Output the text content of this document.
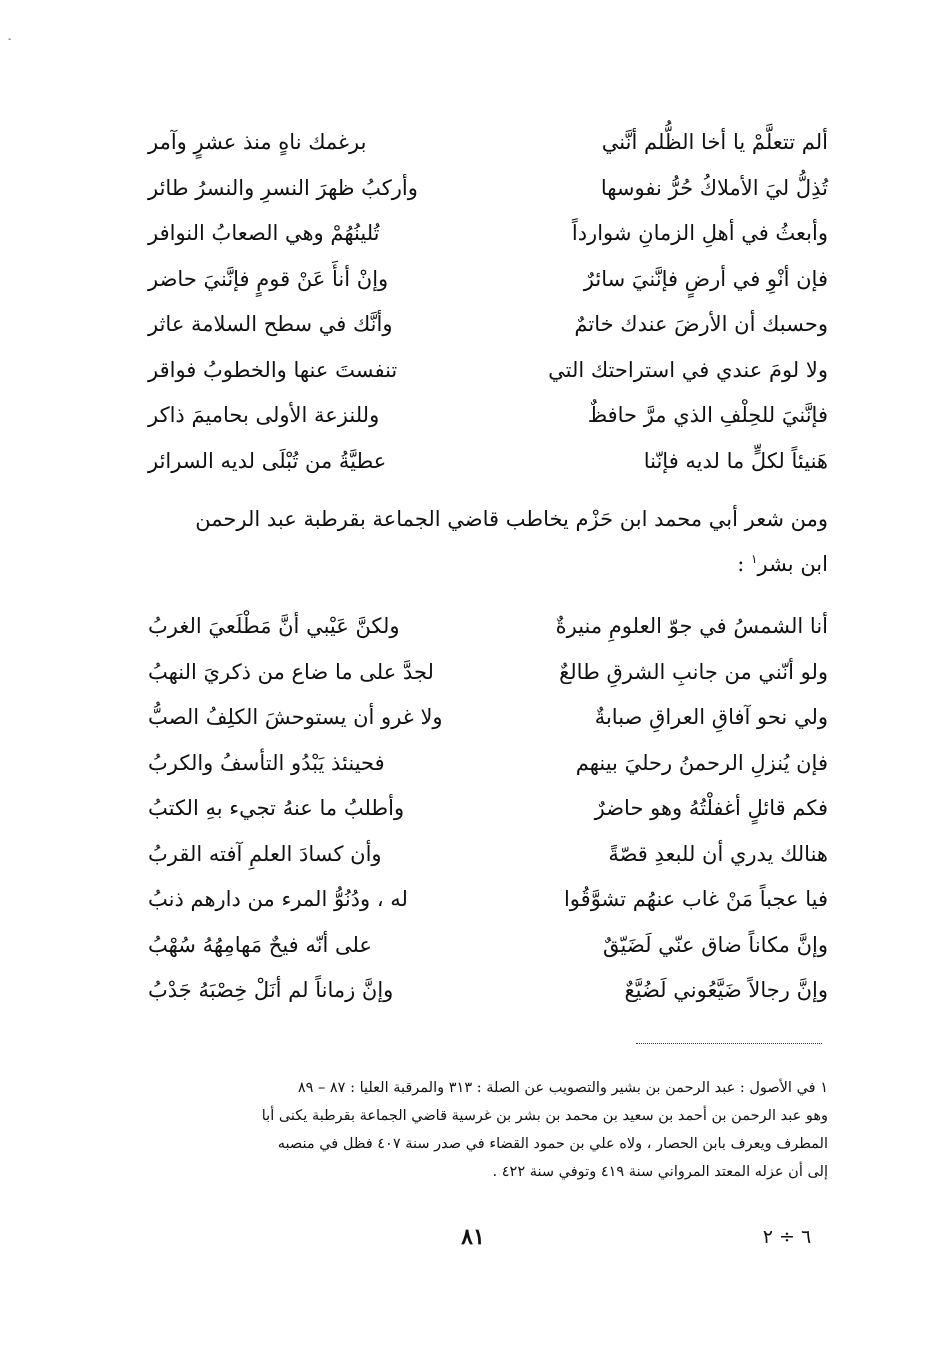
-
ألم تتعلَّمْ يا أخا الظُّلم أنَّني
برغمك ناهٍ منذ عشرٍ وآمر
تُذِلُّ ليَ الأملاكُ حُرُّ نفوسها
وأركبُ ظهرَ النسرِ والنسرُ طائر
وأبعثُ في أهلِ الزمانِ شوارداً
تُلينُهُمْ وهي الصعابُ النوافر
فإن أنْوِ في أرضٍ فإنَّنيَ سائرٌ
وإنْ أنأَ عَنْ قومٍ فإنَّنيَ حاضر
وحسبك أن الأرضَ عندك خاتمٌ
وأنَّك في سطح السلامة عاثر
ولا لومَ عندي في استراحتك التي
تنفستَ عنها والخطوبُ فواقر
فإنَّنيَ للحِلْفِ الذي مرَّ حافظٌ
وللنزعة الأولى بحاميمَ ذاكر
هَنيئاً لكلٍّ ما لديه فإنّنا
عطيَّةُ من تُبْلَى لديه السرائر
ومن شعر أبي محمد ابن حَزْم يخاطب قاضي الجماعة بقرطبة عبد الرحمن
ابن بشر$^١$ :
أنا الشمسُ في جوّ العلومِ منيرةٌ
ولكنَّ عَيْبي أنَّ مَطْلَعيَ الغربُ
ولو أنّني من جانبِ الشرقِ طالعٌ
لجدَّ على ما ضاع من ذكريَ النهبُ
ولي نحو آفاقِ العراقِ صبابةٌ
ولا غرو أن يستوحشَ الكلِفُ الصبُّ
فإن يُنزلِ الرحمنُ رحليَ بينهم
فحينئذ يَبْدُو التأسفُ والكربُ
فكم قائلٍ أغفلْتُهُ وهو حاضرٌ
وأطلبُ ما عنهُ تجيء بهِ الكتبُ
هنالك يدري أن للبعدِ قصّةً
وأن كسادَ العلمِ آفته القربُ
فيا عجباً مَنْ غاب عنهُم تشوَّقُوا
له ، ودُنُوُّ المرء من دارهم ذنبُ
وإنَّ مكاناً ضاق عنّي لَضَيّقٌ
على أنّه فيحٌ مَهامِهُهُ سُهْبُ
وإنَّ رجالاً ضَيَّعُوني لَضُيَّعٌ
وإنَّ زماناً لم أنَلْ خِصْبَهُ جَدْبُ
١ في الأصول : عبد الرحمن بن بشير والتصويب عن الصلة : ٣١٣ والمرقبة العليا : ٨٧ – ٨٩
وهو عبد الرحمن بن أحمد بن سعيد بن محمد بن بشر بن غرسية قاضي الجماعة بقرطبة يكنى أبا
المطرف ويعرف بابن الحصار ، ولاه علي بن حمود القضاء في صدر سنة ٤٠٧ فظل في منصبه
إلى أن عزله المعتد المرواني سنة ٤١٩ وتوفي سنة ٤٢٢ .
٨١	٦ ÷ ٢
